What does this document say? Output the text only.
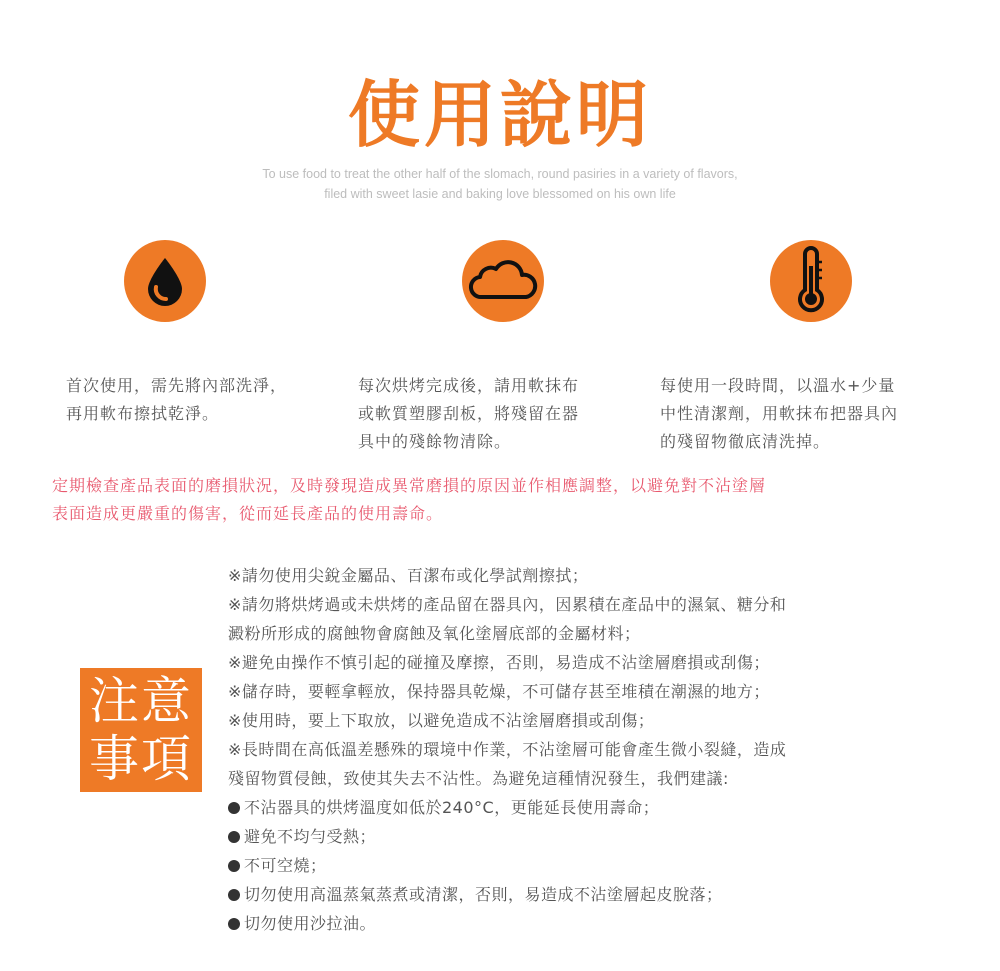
使用說明
To use food to treat the other half of the slomach, round pasiries in a variety of flavors,
filed with sweet lasie and baking love blessomed on his own life
首次使用，需先將內部洗淨，
再用軟布擦拭乾淨。
每次烘烤完成後，請用軟抹布
或軟質塑膠刮板，將殘留在器
具中的殘餘物清除。
每使用一段時間，以溫水+少量
中性清潔劑，用軟抹布把器具內
的殘留物徹底清洗掉。
定期檢查產品表面的磨損狀況，及時發現造成異常磨損的原因並作相應調整，以避免對不沾塗層
表面造成更嚴重的傷害，從而延長產品的使用壽命。
注意
事項
※請勿使用尖銳金屬品、百潔布或化學試劑擦拭；
※請勿將烘烤過或未烘烤的產品留在器具內，因累積在產品中的濕氣、糖分和
澱粉所形成的腐蝕物會腐蝕及氧化塗層底部的金屬材料；
※避免由操作不慎引起的碰撞及摩擦，否則，易造成不沾塗層磨損或刮傷；
※儲存時，要輕拿輕放，保持器具乾燥，不可儲存甚至堆積在潮濕的地方；
※使用時，要上下取放，以避免造成不沾塗層磨損或刮傷；
※長時間在高低溫差懸殊的環境中作業，不沾塗層可能會產生微小裂縫，造成
殘留物質侵蝕，致使其失去不沾性。為避免這種情況發生，我們建議:
不沾器具的烘烤溫度如低於240°C，更能延長使用壽命；
避免不均勻受熱；
不可空燒；
切勿使用高溫蒸氣蒸煮或清潔，否則，易造成不沾塗層起皮脫落；
切勿使用沙拉油。
